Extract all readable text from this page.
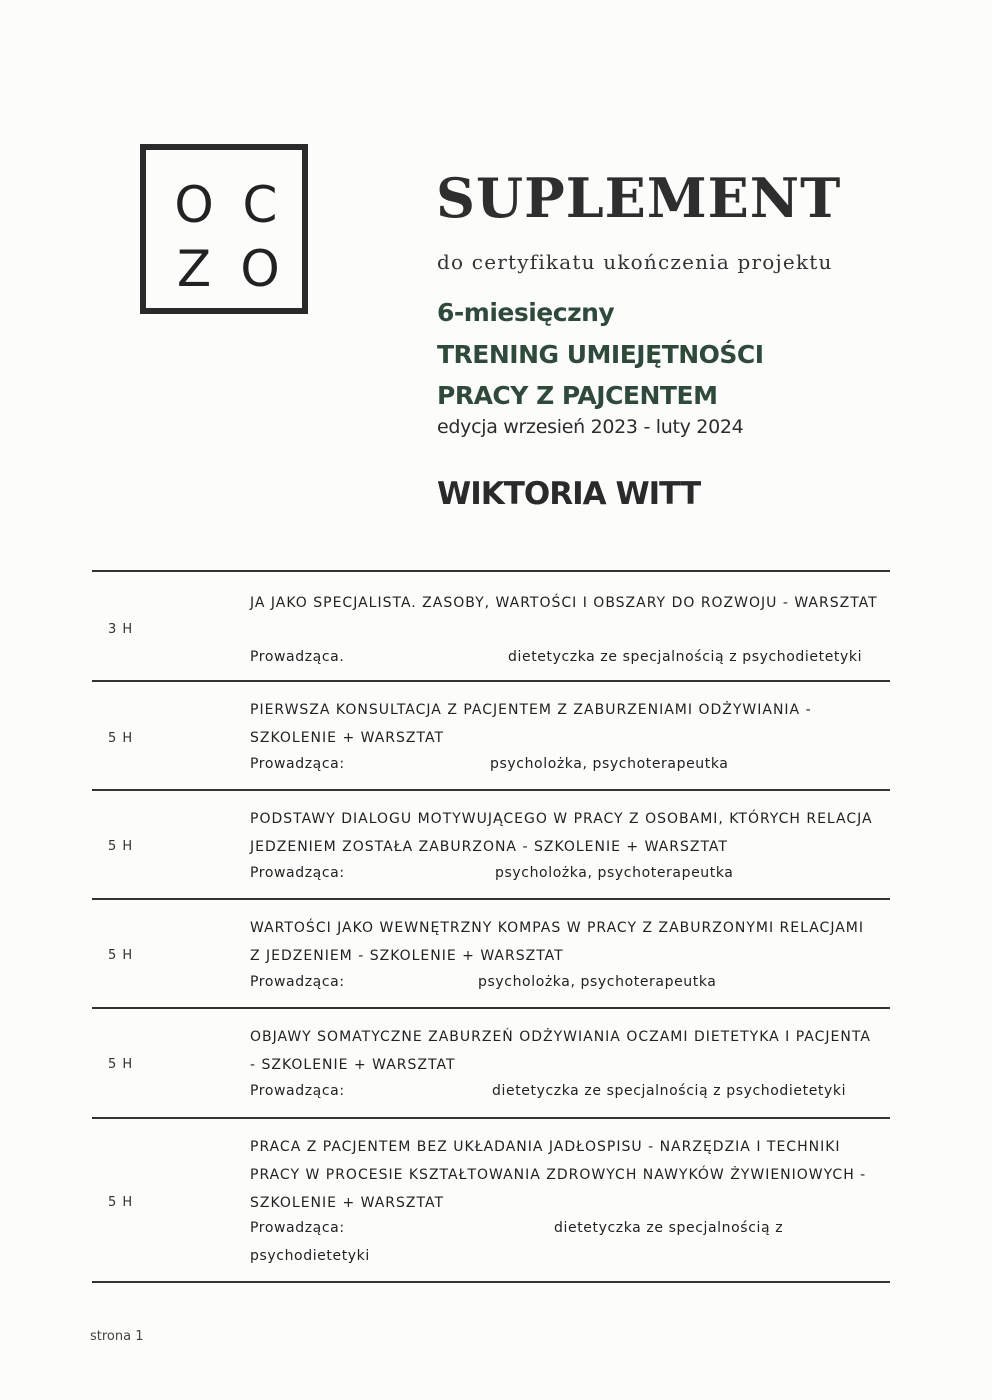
O C
Z O
SUPLEMENT
do certyfikatu ukończenia projektu
6-miesięczny
TRENING UMIEJĘTNOŚCI
PRACY Z PAJCENTEM
edycja wrzesień 2023 - luty 2024
WIKTORIA WITT
3 H
JA JAKO SPECJALISTA. ZASOBY, WARTOŚCI I OBSZARY DO ROZWOJU - WARSZTAT
Prowadząca.	dietetyczka ze specjalnością z psychodietetyki
5 H
PIERWSZA KONSULTACJA Z PACJENTEM Z ZABURZENIAMI ODŻYWIANIA - SZKOLENIE + WARSZTAT
Prowadząca:	psycholożka, psychoterapeutka
5 H
PODSTAWY DIALOGU MOTYWUJĄCEGO W PRACY Z OSOBAMI, KTÓRYCH RELACJA JEDZENIEM ZOSTAŁA ZABURZONA - SZKOLENIE + WARSZTAT
Prowadząca:	psycholożka, psychoterapeutka
5 H
WARTOŚCI JAKO WEWNĘTRZNY KOMPAS W PRACY Z ZABURZONYMI RELACJAMI Z JEDZENIEM - SZKOLENIE + WARSZTAT
Prowadząca:	psycholożka, psychoterapeutka
5 H
OBJAWY SOMATYCZNE ZABURZEŃ ODŻYWIANIA OCZAMI DIETETYKA I PACJENTA - SZKOLENIE + WARSZTAT
Prowadząca:	dietetyczka ze specjalnością z psychodietetyki
5 H
PRACA Z PACJENTEM BEZ UKŁADANIA JADŁOSPISU - NARZĘDZIA I TECHNIKI PRACY W PROCESIE KSZTAŁTOWANIA ZDROWYCH NAWYKÓW ŻYWIENIOWYCH - SZKOLENIE + WARSZTAT
Prowadząca:	dietetyczka ze specjalnością z
psychodietetyki
strona 1
